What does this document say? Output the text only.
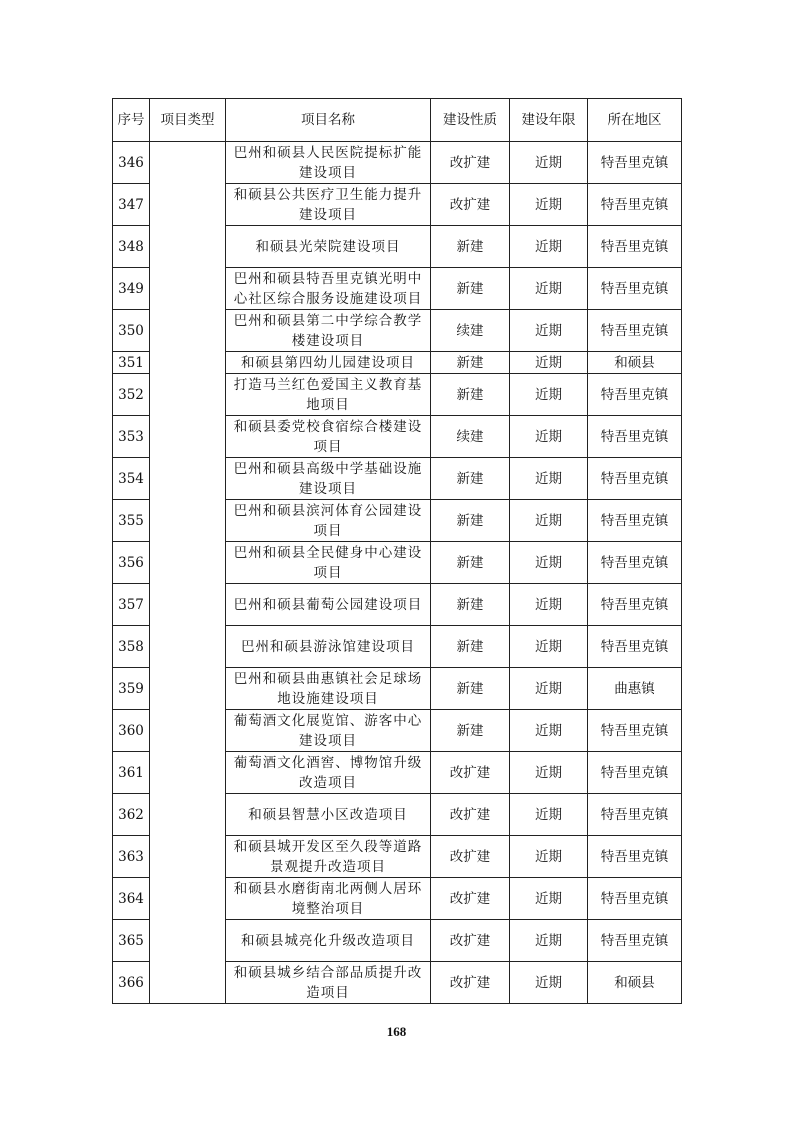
序号	项目类型	项目名称	建设性质	建设年限	所在地区
346		巴州和硕县人民医院提标扩能建设项目	改扩建	近期	特吾里克镇
347		和硕县公共医疗卫生能力提升建设项目	改扩建	近期	特吾里克镇
348		和硕县光荣院建设项目	新建	近期	特吾里克镇
349		巴州和硕县特吾里克镇光明中心社区综合服务设施建设项目	新建	近期	特吾里克镇
350		巴州和硕县第二中学综合教学楼建设项目	续建	近期	特吾里克镇
351		和硕县第四幼儿园建设项目	新建	近期	和硕县
352		打造马兰红色爱国主义教育基地项目	新建	近期	特吾里克镇
353		和硕县委党校食宿综合楼建设项目	续建	近期	特吾里克镇
354		巴州和硕县高级中学基础设施建设项目	新建	近期	特吾里克镇
355		巴州和硕县滨河体育公园建设项目	新建	近期	特吾里克镇
356		巴州和硕县全民健身中心建设项目	新建	近期	特吾里克镇
357		巴州和硕县葡萄公园建设项目	新建	近期	特吾里克镇
358		巴州和硕县游泳馆建设项目	新建	近期	特吾里克镇
359		巴州和硕县曲惠镇社会足球场地设施建设项目	新建	近期	曲惠镇
360		葡萄酒文化展览馆、游客中心建设项目	新建	近期	特吾里克镇
361		葡萄酒文化酒窖、博物馆升级改造项目	改扩建	近期	特吾里克镇
362		和硕县智慧小区改造项目	改扩建	近期	特吾里克镇
363		和硕县城开发区至久段等道路景观提升改造项目	改扩建	近期	特吾里克镇
364		和硕县水磨街南北两侧人居环境整治项目	改扩建	近期	特吾里克镇
365		和硕县城亮化升级改造项目	改扩建	近期	特吾里克镇
366		和硕县城乡结合部品质提升改造项目	改扩建	近期	和硕县
168
